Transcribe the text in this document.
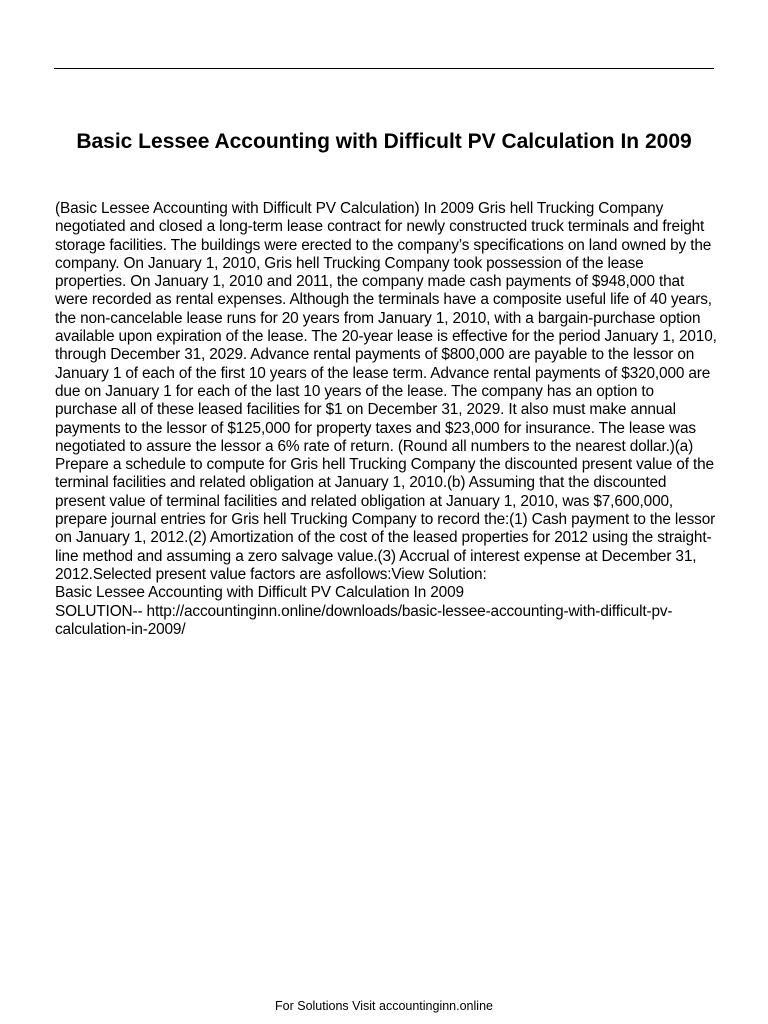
Basic Lessee Accounting with Difficult PV Calculation In 2009

(Basic Lessee Accounting with Difficult PV Calculation) In 2009 Gris hell Trucking Company negotiated and closed a long-term lease contract for newly constructed truck terminals and freight storage facilities. The buildings were erected to the company’s specifications on land owned by the company. On January 1, 2010, Gris hell Trucking Company took possession of the lease properties. On January 1, 2010 and 2011, the company made cash payments of $948,000 that were recorded as rental expenses. Although the terminals have a composite useful life of 40 years, the non-cancelable lease runs for 20 years from January 1, 2010, with a bargain-purchase option available upon expiration of the lease. The 20-year lease is effective for the period January 1, 2010, through December 31, 2029. Advance rental payments of $800,000 are payable to the lessor on January 1 of each of the first 10 years of the lease term. Advance rental payments of $320,000 are due on January 1 for each of the last 10 years of the lease. The company has an option to purchase all of these leased facilities for $1 on December 31, 2029. It also must make annual payments to the lessor of $125,000 for property taxes and $23,000 for insurance. The lease was negotiated to assure the lessor a 6% rate of return. (Round all numbers to the nearest dollar.)(a) Prepare a schedule to compute for Gris hell Trucking Company the discounted present value of the terminal facilities and related obligation at January 1, 2010.(b) Assuming that the discounted present value of terminal facilities and related obligation at January 1, 2010, was $7,600,000, prepare journal entries for Gris hell Trucking Company to record the:(1) Cash payment to the lessor on January 1, 2012.(2) Amortization of the cost of the leased properties for 2012 using the straight-line method and assuming a zero salvage value.(3) Accrual of interest expense at December 31, 2012.Selected present value factors are asfollows:View Solution:

Basic Lessee Accounting with Difficult PV Calculation In 2009

SOLUTION-- http://accountinginn.online/downloads/basic-lessee-accounting-with-difficult-pv-calculation-in-2009/

For Solutions Visit accountinginn.online
